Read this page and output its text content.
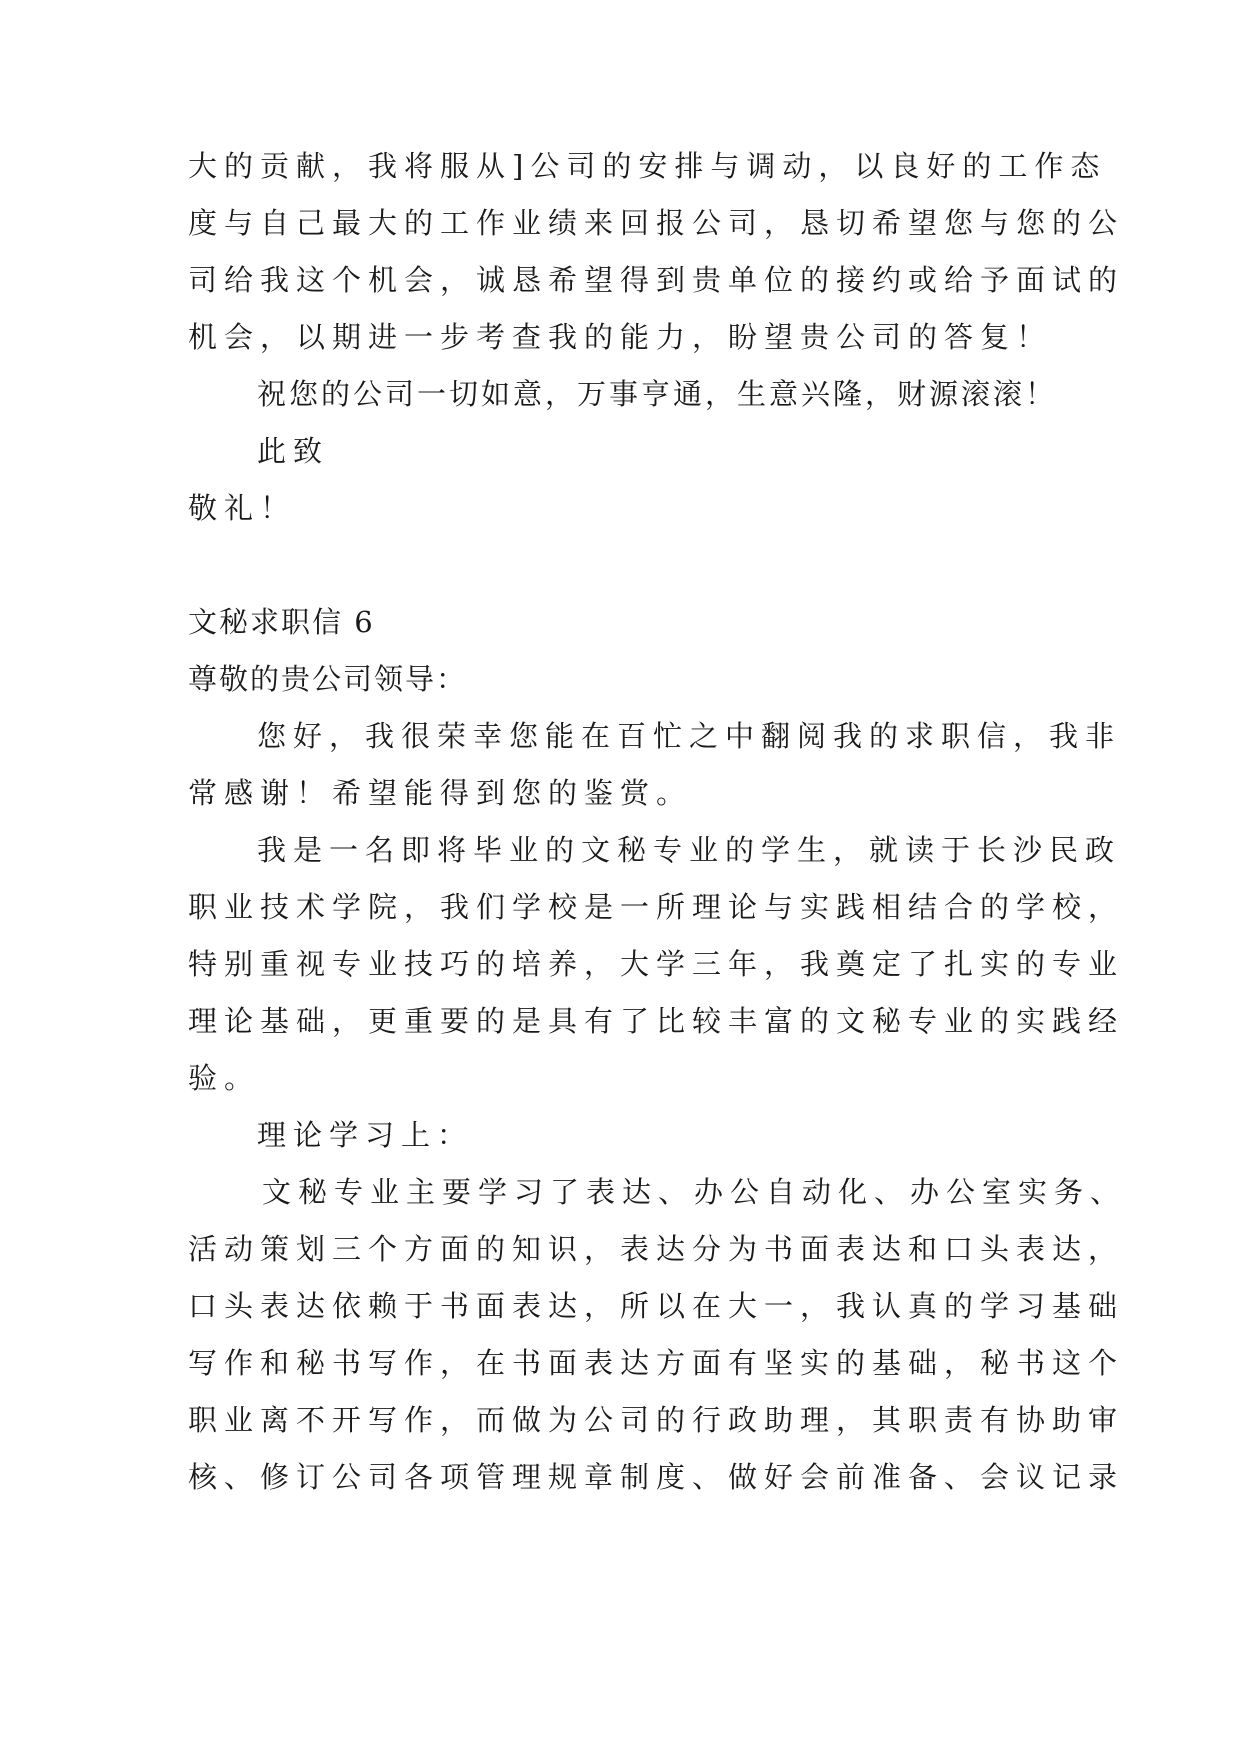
大的贡献，我将服从]公司的安排与调动，以良好的工作态
度与自己最大的工作业绩来回报公司，恳切希望您与您的公
司给我这个机会，诚恳希望得到贵单位的接约或给予面试的
机会，以期进一步考查我的能力，盼望贵公司的答复！
祝您的公司一切如意，万事亨通，生意兴隆，财源滚滚！
此致
敬礼！
文秘求职信 6
尊敬的贵公司领导：
您好，我很荣幸您能在百忙之中翻阅我的求职信，我非
常感谢！希望能得到您的鉴赏。
我是一名即将毕业的文秘专业的学生，就读于长沙民政
职业技术学院，我们学校是一所理论与实践相结合的学校，
特别重视专业技巧的培养，大学三年，我奠定了扎实的专业
理论基础，更重要的是具有了比较丰富的文秘专业的实践经
验。
理论学习上：
文秘专业主要学习了表达、办公自动化、办公室实务、
活动策划三个方面的知识，表达分为书面表达和口头表达，
口头表达依赖于书面表达，所以在大一，我认真的学习基础
写作和秘书写作，在书面表达方面有坚实的基础，秘书这个
职业离不开写作，而做为公司的行政助理，其职责有协助审
核、修订公司各项管理规章制度、做好会前准备、会议记录
